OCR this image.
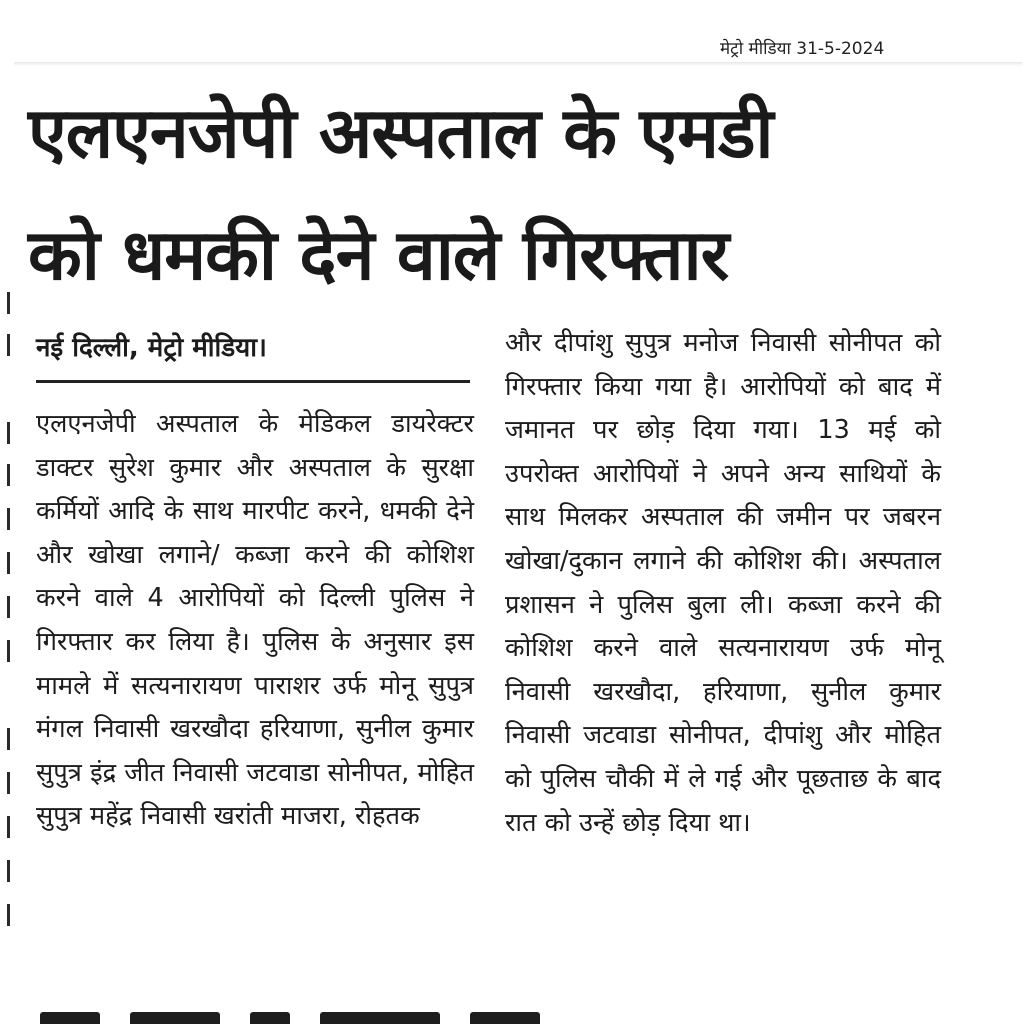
मेट्रो मीडिया 31-5-2024
एलएनजेपी अस्पताल के एमडी
को धमकी देने वाले गिरफ्तार
नई दिल्ली, मेट्रो मीडिया।

एलएनजेपी अस्पताल के मेडिकल डायरेक्टर डाक्टर सुरेश कुमार और अस्पताल के सुरक्षा कर्मियों आदि के साथ मारपीट करने, धमकी देने और खोखा लगाने/ कब्जा करने की कोशिश करने वाले 4 आरोपियों को दिल्ली पुलिस ने गिरफ्तार कर लिया है। पुलिस के अनुसार इस मामले में सत्यनारायण पाराशर उर्फ मोनू सुपुत्र मंगल निवासी खरखौदा हरियाणा, सुनील कुमार सुपुत्र इंद्र जीत निवासी जटवाडा सोनीपत, मोहित सुपुत्र महेंद्र निवासी खरांती माजरा, रोहतक

और दीपांशु सुपुत्र मनोज निवासी सोनीपत को गिरफ्तार किया गया है। आरोपियों को बाद में जमानत पर छोड़ दिया गया। 13 मई को उपरोक्त आरोपियों ने अपने अन्य साथियों के साथ मिलकर अस्पताल की जमीन पर जबरन खोखा/दुकान लगाने की कोशिश की। अस्पताल प्रशासन ने पुलिस बुला ली। कब्जा करने की कोशिश करने वाले सत्यनारायण उर्फ मोनू निवासी खरखौदा, हरियाणा, सुनील कुमार निवासी जटवाडा सोनीपत, दीपांशु और मोहित को पुलिस चौकी में ले गई और पूछताछ के बाद रात को उन्हें छोड़ दिया था।
